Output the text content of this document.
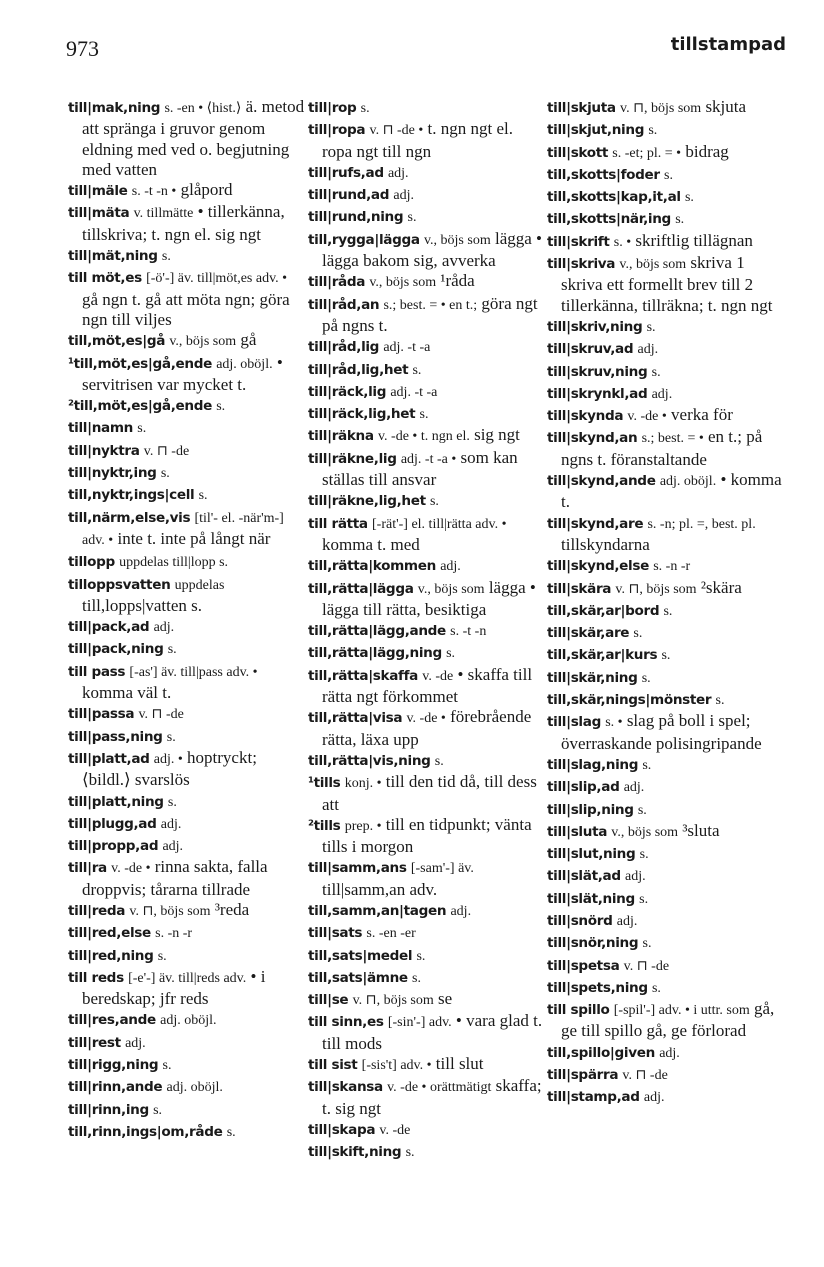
973	tillstampad
till|mak,ning s. -en • ⟨hist.⟩ ä. metod att spränga i gruvor genom eldning med ved o. begjutning med vatten
till|mäle s. -t -n • glåpord
till|mäta v. tillmätte • tillerkänna, tillskriva; t. ngn el. sig ngt
till|mät,ning s.
till möt,es [-ö'-] äv. till|möt,es adv. • gå ngn t. gå att möta ngn; göra ngn till viljes
till,möt,es|gå v., böjs som gå
¹till,möt,es|gå,ende adj. oböjl. • servitrisen var mycket t.
²till,möt,es|gå,ende s.
till|namn s.
till|nyktra v. ⊓ -de
till|nyktr,ing s.
till,nyktr,ings|cell s.
till,närm,else,vis [til'- el. -när'm-] adv. • inte t. inte på långt när
tillopp uppdelas till|lopp s.
tilloppsvatten uppdelas till,lopps|vatten s.
till|pack,ad adj.
till|pack,ning s.
till pass [-as'] äv. till|pass adv. • komma väl t.
till|passa v. ⊓ -de
till|pass,ning s.
till|platt,ad adj. • hoptryckt; ⟨bildl.⟩ svarslös
till|platt,ning s.
till|plugg,ad adj.
till|propp,ad adj.
till|ra v. -de • rinna sakta, falla droppvis; tårarna tillrade
till|reda v. ⊓, böjs som ³reda
till|red,else s. -n -r
till|red,ning s.
till reds [-e'-] äv. till|reds adv. • i beredskap; jfr reds
till|res,ande adj. oböjl.
till|rest adj.
till|rigg,ning s.
till|rinn,ande adj. oböjl.
till|rinn,ing s.
till,rinn,ings|om,råde s.
till|rop s.
till|ropa v. ⊓ -de • t. ngn ngt el. ropa ngt till ngn
till|rufs,ad adj.
till|rund,ad adj.
till|rund,ning s.
till,rygga|lägga v., böjs som lägga • lägga bakom sig, avverka
till|råda v., böjs som ¹råda
till|råd,an s.; best. = • en t.; göra ngt på ngns t.
till|råd,lig adj. -t -a
till|råd,lig,het s.
till|räck,lig adj. -t -a
till|räck,lig,het s.
till|räkna v. -de • t. ngn el. sig ngt
till|räkne,lig adj. -t -a • som kan ställas till ansvar
till|räkne,lig,het s.
till rätta [-rät'-] el. till|rätta adv. • komma t. med
till,rätta|kommen adj.
till,rätta|lägga v., böjs som lägga • lägga till rätta, besiktiga
till,rätta|lägg,ande s. -t -n
till,rätta|lägg,ning s.
till,rätta|skaffa v. -de • skaffa till rätta ngt förkommet
till,rätta|visa v. -de • förebrående rätta, läxa upp
till,rätta|vis,ning s.
¹tills konj. • till den tid då, till dess att
²tills prep. • till en tidpunkt; vänta tills i morgon
till|samm,ans [-sam'-] äv. till|samm,an adv.
till,samm,an|tagen adj.
till|sats s. -en -er
till,sats|medel s.
till,sats|ämne s.
till|se v. ⊓, böjs som se
till sinn,es [-sin'-] adv. • vara glad t. till mods
till sist [-sis't] adv. • till slut
till|skansa v. -de • orättmätigt skaffa; t. sig ngt
till|skapa v. -de
till|skift,ning s.
till|skjuta v. ⊓, böjs som skjuta
till|skjut,ning s.
till|skott s. -et; pl. = • bidrag
till,skotts|foder s.
till,skotts|kap,it,al s.
till,skotts|när,ing s.
till|skrift s. • skriftlig tillägnan
till|skriva v., böjs som skriva 1 skriva ett formellt brev till 2 tillerkänna, tillräkna; t. ngn ngt
till|skriv,ning s.
till|skruv,ad adj.
till|skruv,ning s.
till|skrynkl,ad adj.
till|skynda v. -de • verka för
till|skynd,an s.; best. = • en t.; på ngns t. föranstaltande
till|skynd,ande adj. oböjl. • komma t.
till|skynd,are s. -n; pl. =, best. pl. tillskyndarna
till|skynd,else s. -n -r
till|skära v. ⊓, böjs som ²skära
till,skär,ar|bord s.
till|skär,are s.
till,skär,ar|kurs s.
till|skär,ning s.
till,skär,nings|mönster s.
till|slag s. • slag på boll i spel; överraskande polisingripande
till|slag,ning s.
till|slip,ad adj.
till|slip,ning s.
till|sluta v., böjs som ³sluta
till|slut,ning s.
till|slät,ad adj.
till|slät,ning s.
till|snörd adj.
till|snör,ning s.
till|spetsa v. ⊓ -de
till|spets,ning s.
till spillo [-spil'-] adv. • i uttr. som gå, ge till spillo gå, ge förlorad
till,spillo|given adj.
till|spärra v. ⊓ -de
till|stamp,ad adj.
